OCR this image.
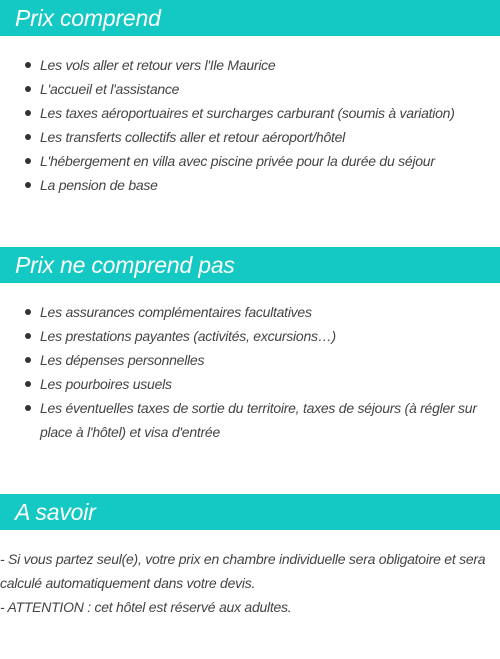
Prix comprend
Les vols aller et retour vers l'Ile Maurice
L'accueil et l'assistance
Les taxes aéroportuaires et surcharges carburant (soumis à variation)
Les transferts collectifs aller et retour aéroport/hôtel
L'hébergement en villa avec piscine privée pour la durée du séjour
La pension de base
Prix ne comprend pas
Les assurances complémentaires facultatives
Les prestations payantes (activités, excursions…)
Les dépenses personnelles
Les pourboires usuels
Les éventuelles taxes de sortie du territoire, taxes de séjours (à régler sur place à l'hôtel) et visa d'entrée
A savoir

- Si vous partez seul(e), votre prix en chambre individuelle sera obligatoire et sera calculé automatiquement dans votre devis.

- ATTENTION : cet hôtel est réservé aux adultes.
